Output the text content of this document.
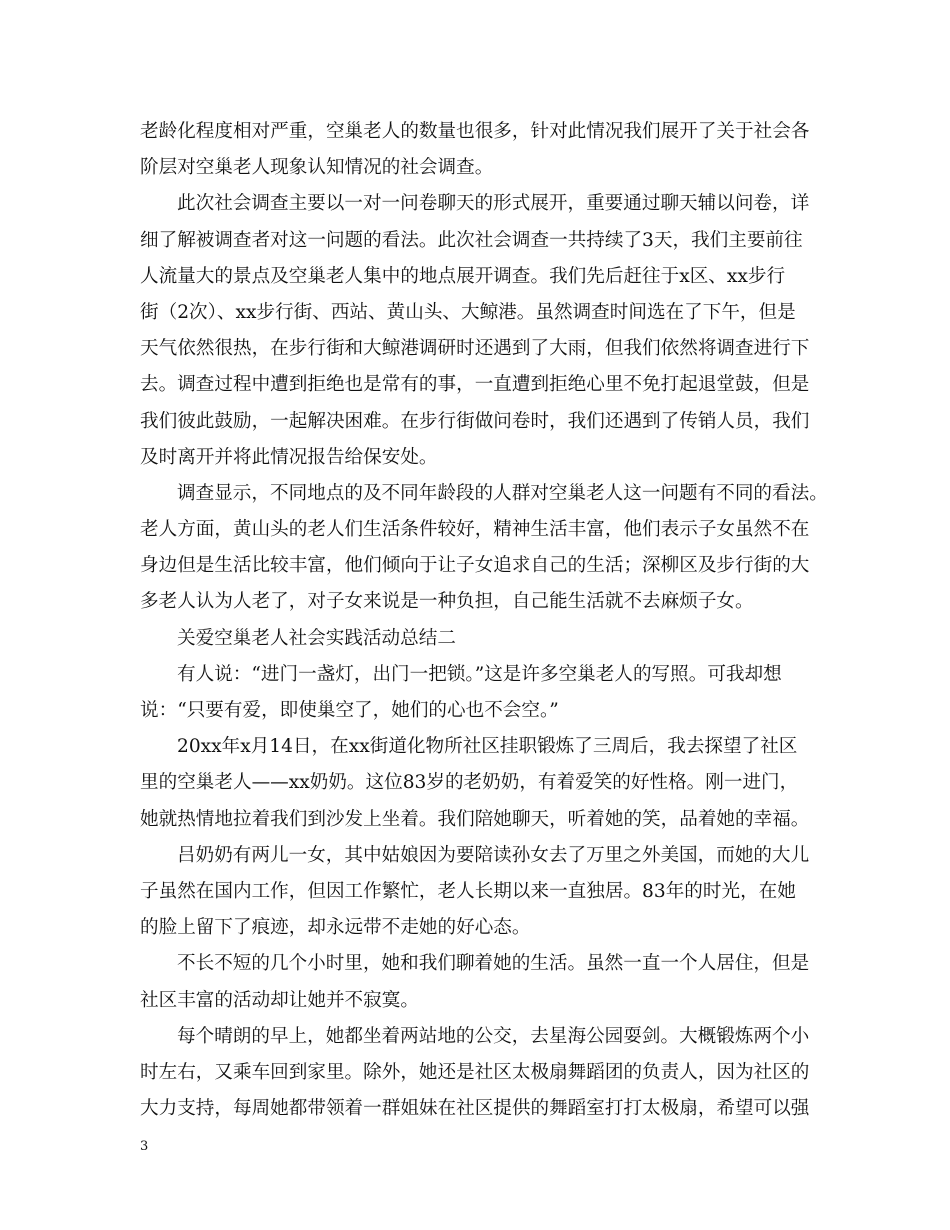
老龄化程度相对严重，空巢老人的数量也很多，针对此情况我们展开了关于社会各
阶层对空巢老人现象认知情况的社会调查。
此次社会调查主要以一对一问卷聊天的形式展开，重要通过聊天辅以问卷，详
细了解被调查者对这一问题的看法。此次社会调查一共持续了3天，我们主要前往
人流量大的景点及空巢老人集中的地点展开调查。我们先后赶往于x区、xx步行
街（2次）、xx步行街、西站、黄山头、大鲸港。虽然调查时间选在了下午，但是
天气依然很热，在步行街和大鲸港调研时还遇到了大雨，但我们依然将调查进行下
去。调查过程中遭到拒绝也是常有的事，一直遭到拒绝心里不免打起退堂鼓，但是
我们彼此鼓励，一起解决困难。在步行街做问卷时，我们还遇到了传销人员，我们
及时离开并将此情况报告给保安处。
调查显示，不同地点的及不同年龄段的人群对空巢老人这一问题有不同的看法。
老人方面，黄山头的老人们生活条件较好，精神生活丰富，他们表示子女虽然不在
身边但是生活比较丰富，他们倾向于让子女追求自己的生活；深柳区及步行街的大
多老人认为人老了，对子女来说是一种负担，自己能生活就不去麻烦子女。
关爱空巢老人社会实践活动总结二
有人说：“进门一盏灯，出门一把锁。”这是许多空巢老人的写照。可我却想
说：“只要有爱，即使巢空了，她们的心也不会空。”
20xx年x月14日，在xx街道化物所社区挂职锻炼了三周后，我去探望了社区
里的空巢老人——xx奶奶。这位83岁的老奶奶，有着爱笑的好性格。刚一进门，
她就热情地拉着我们到沙发上坐着。我们陪她聊天，听着她的笑，品着她的幸福。
吕奶奶有两儿一女，其中姑娘因为要陪读孙女去了万里之外美国，而她的大儿
子虽然在国内工作，但因工作繁忙，老人长期以来一直独居。83年的时光，在她
的脸上留下了痕迹，却永远带不走她的好心态。
不长不短的几个小时里，她和我们聊着她的生活。虽然一直一个人居住，但是
社区丰富的活动却让她并不寂寞。
每个晴朗的早上，她都坐着两站地的公交，去星海公园耍剑。大概锻炼两个小
时左右，又乘车回到家里。除外，她还是社区太极扇舞蹈团的负责人，因为社区的
大力支持，每周她都带领着一群姐妹在社区提供的舞蹈室打打太极扇，希望可以强
3
